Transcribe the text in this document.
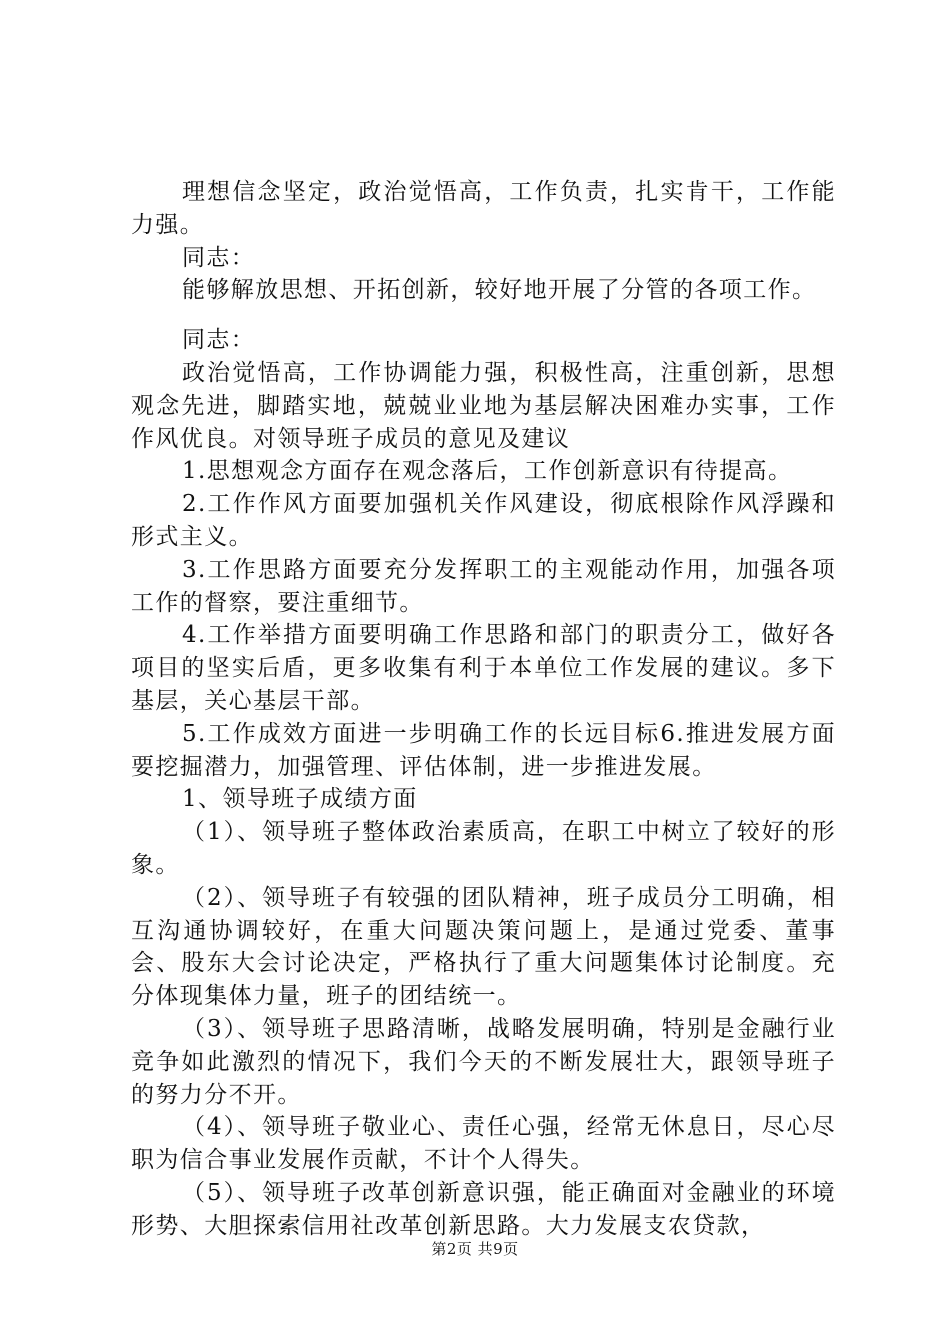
理想信念坚定，政治觉悟高，工作负责，扎实肯干，工作能力强。

同志：

能够解放思想、开拓创新，较好地开展了分管的各项工作。

同志：

政治觉悟高，工作协调能力强，积极性高，注重创新，思想观念先进，脚踏实地，兢兢业业地为基层解决困难办实事，工作作风优良。对领导班子成员的意见及建议

1.思想观念方面存在观念落后，工作创新意识有待提高。

2.工作作风方面要加强机关作风建设，彻底根除作风浮躁和形式主义。

3.工作思路方面要充分发挥职工的主观能动作用，加强各项工作的督察，要注重细节。

4.工作举措方面要明确工作思路和部门的职责分工，做好各项目的坚实后盾，更多收集有利于本单位工作发展的建议。多下基层，关心基层干部。

5.工作成效方面进一步明确工作的长远目标6.推进发展方面要挖掘潜力，加强管理、评估体制，进一步推进发展。

1、领导班子成绩方面

（1）、领导班子整体政治素质高，在职工中树立了较好的形象。

（2）、领导班子有较强的团队精神，班子成员分工明确，相互沟通协调较好，在重大问题决策问题上，是通过党委、董事会、股东大会讨论决定，严格执行了重大问题集体讨论制度。充分体现集体力量，班子的团结统一。

（3）、领导班子思路清晰，战略发展明确，特别是金融行业竞争如此激烈的情况下，我们今天的不断发展壮大，跟领导班子的努力分不开。

（4）、领导班子敬业心、责任心强，经常无休息日，尽心尽职为信合事业发展作贡献，不计个人得失。

（5）、领导班子改革创新意识强，能正确面对金融业的环境形势、大胆探索信用社改革创新思路。大力发展支农贷款，

第2页 共9页
